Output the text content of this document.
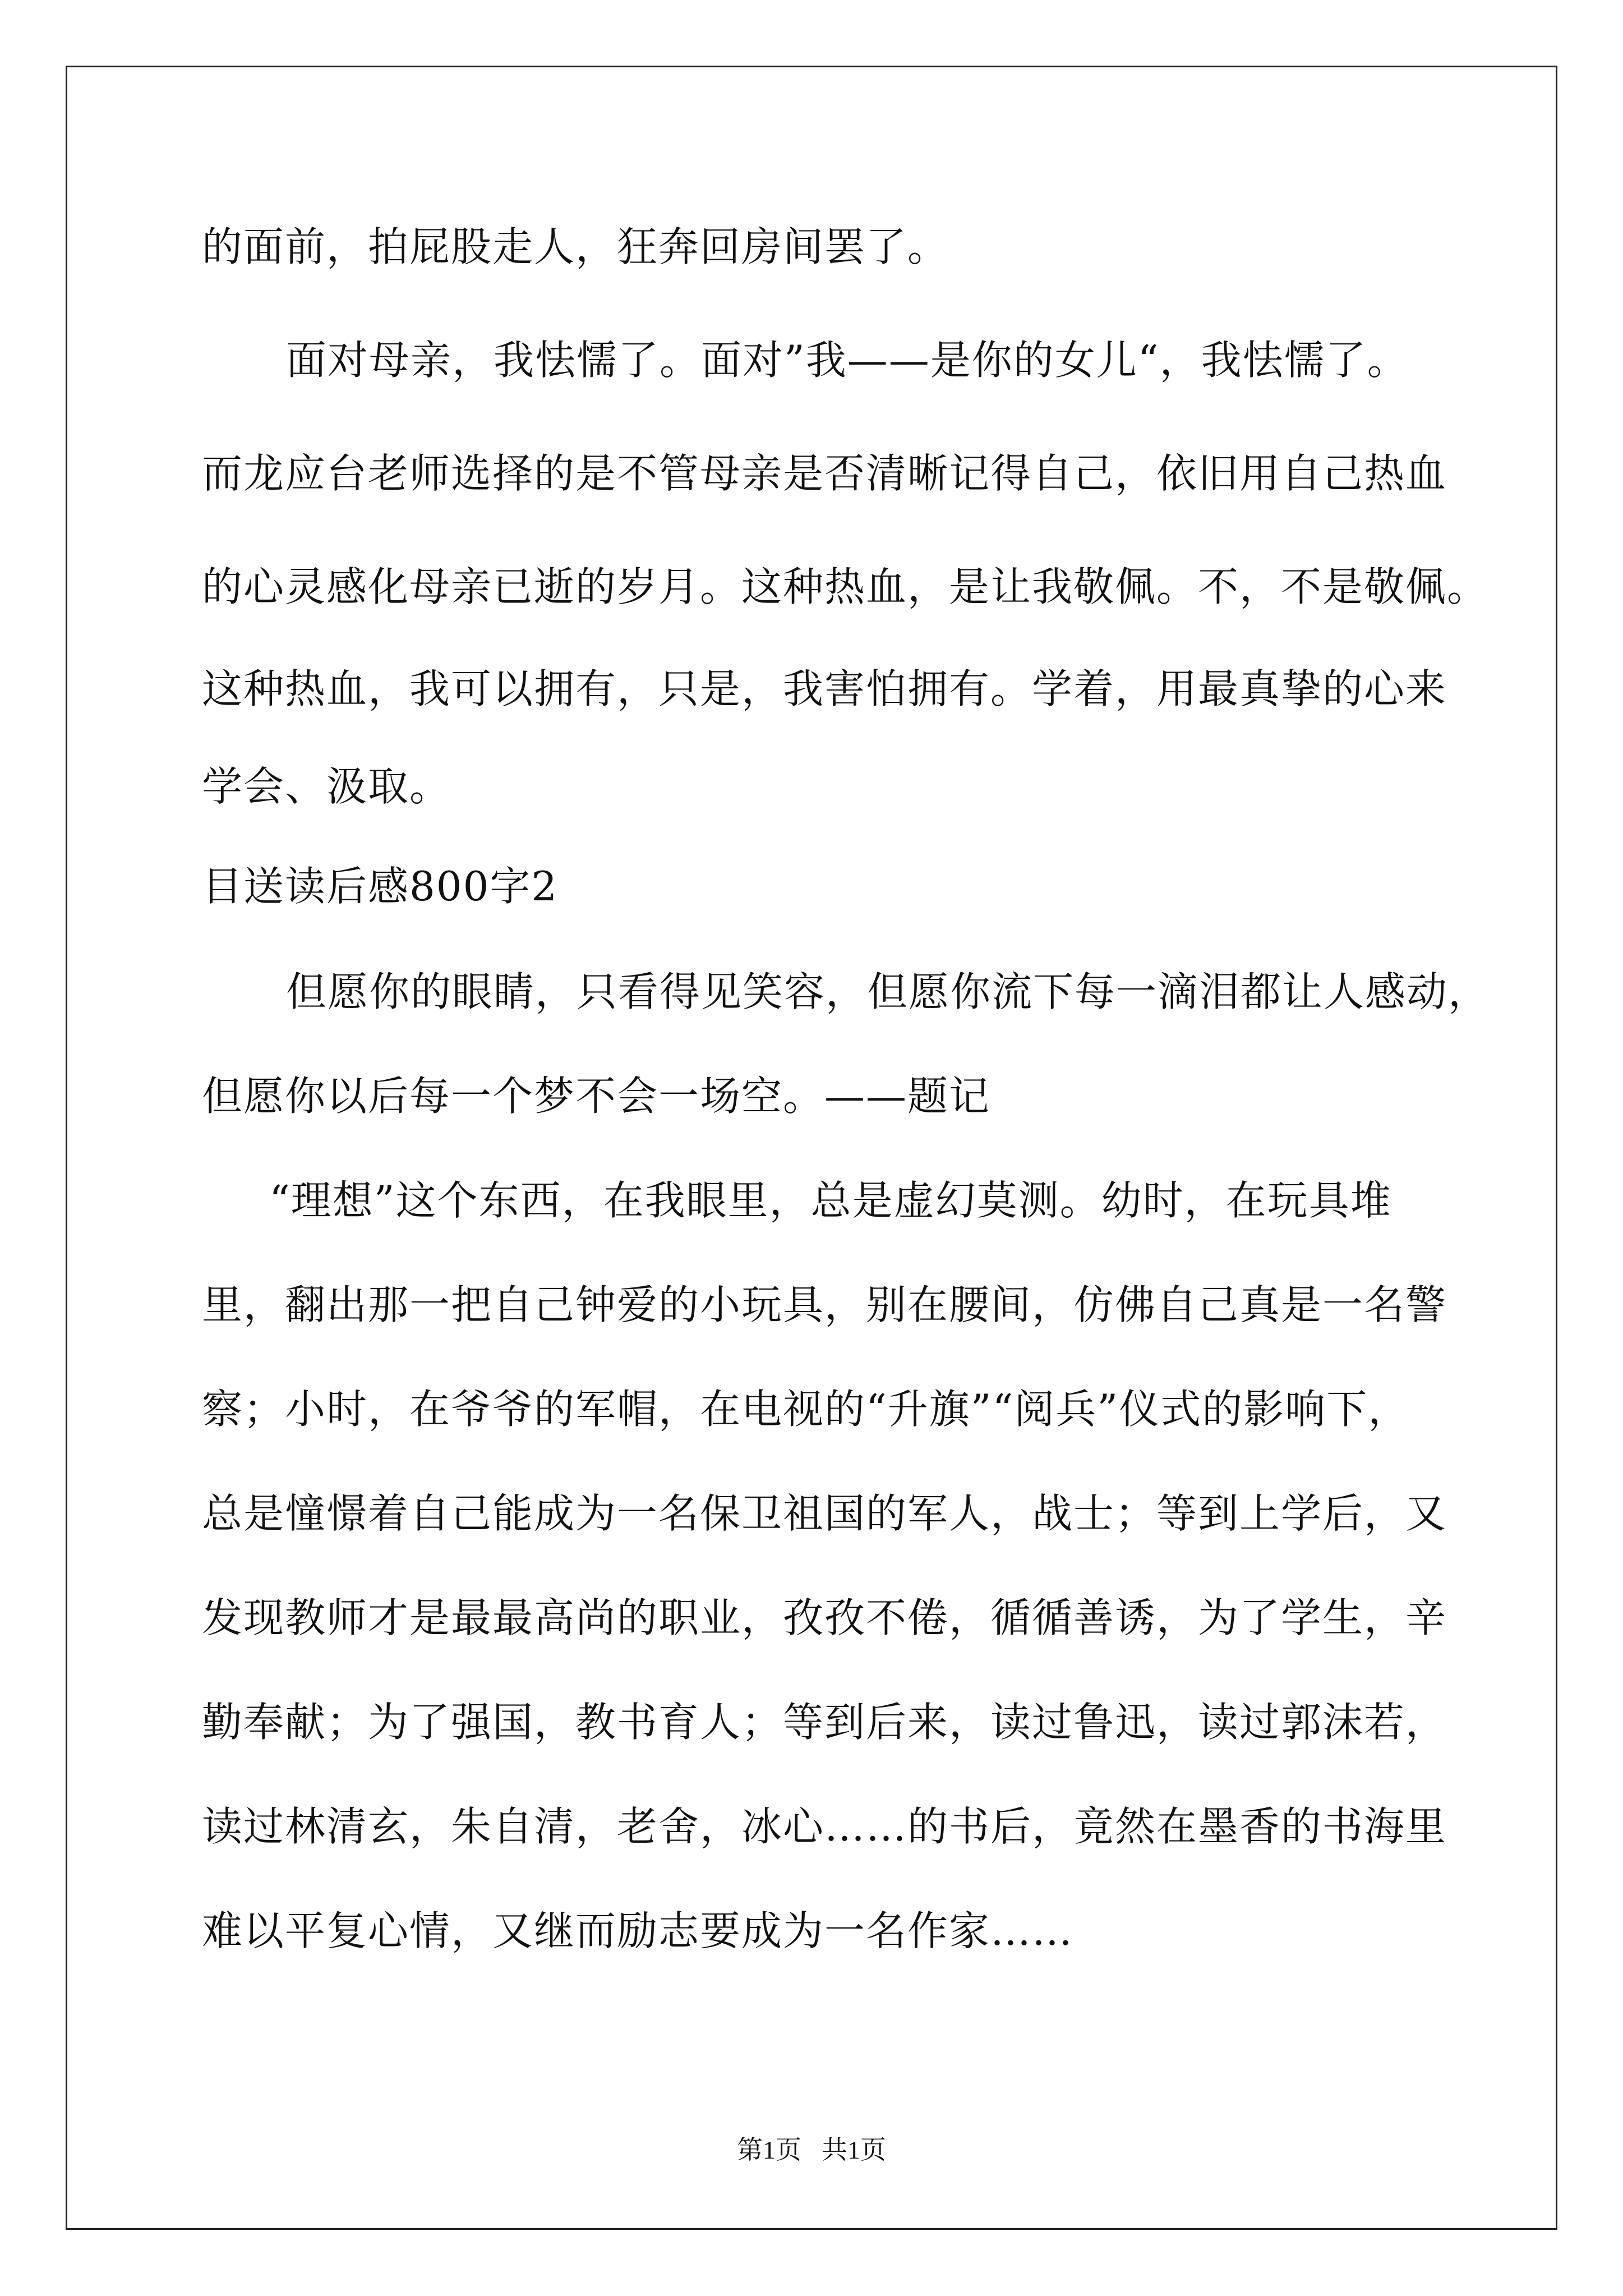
的面前，拍屁股走人，狂奔回房间罢了。
面对母亲，我怯懦了。面对”我——是你的女儿“，我怯懦了。
而龙应台老师选择的是不管母亲是否清晰记得自己，依旧用自己热血
的心灵感化母亲已逝的岁月。这种热血，是让我敬佩。不，不是敬佩。
这种热血，我可以拥有，只是，我害怕拥有。学着，用最真挚的心来
学会、汲取。
目送读后感800字2
但愿你的眼睛，只看得见笑容，但愿你流下每一滴泪都让人感动，
但愿你以后每一个梦不会一场空。——题记
“理想”这个东西，在我眼里，总是虚幻莫测。幼时，在玩具堆
里，翻出那一把自己钟爱的小玩具，别在腰间，仿佛自己真是一名警
察；小时，在爷爷的军帽，在电视的“升旗”“阅兵”仪式的影响下，
总是憧憬着自己能成为一名保卫祖国的军人，战士；等到上学后，又
发现教师才是最最高尚的职业，孜孜不倦，循循善诱，为了学生，辛
勤奉献；为了强国，教书育人；等到后来，读过鲁迅，读过郭沫若，
读过林清玄，朱自清，老舍，冰心……的书后，竟然在墨香的书海里
难以平复心情，又继而励志要成为一名作家……
第1页 共1页
